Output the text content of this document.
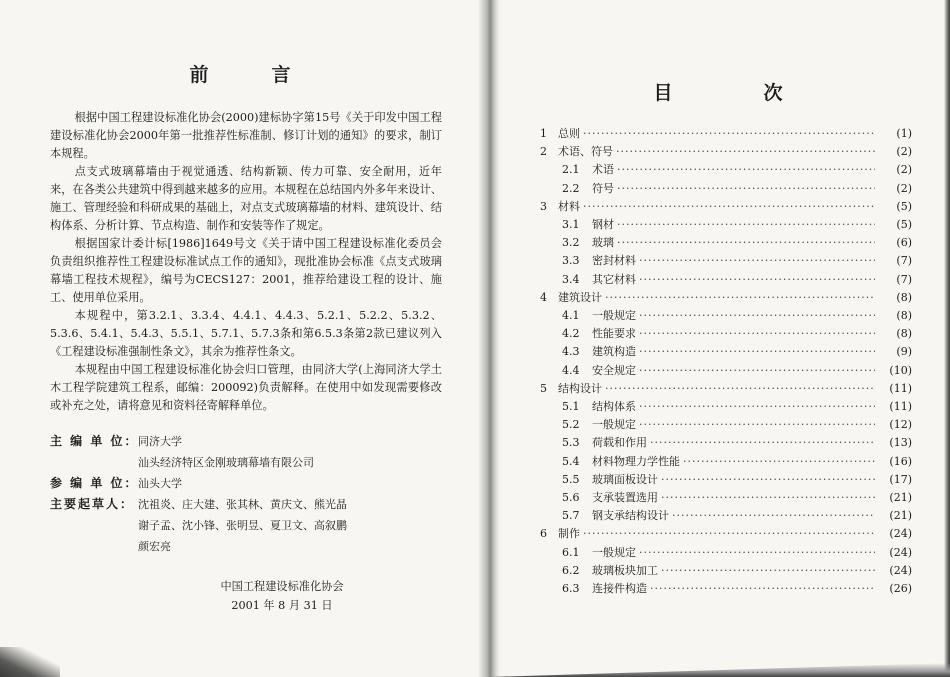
前　言

根据中国工程建设标准化协会(2000)建标协字第15号《关于印发中国工程建设标准化协会2000年第一批推荐性标准制、修订计划的通知》的要求，制订本规程。

点支式玻璃幕墙由于视觉通透、结构新颖、传力可靠、安全耐用，近年来，在各类公共建筑中得到越来越多的应用。本规程在总结国内外多年来设计、施工、管理经验和科研成果的基础上，对点支式玻璃幕墙的材料、建筑设计、结构体系、分析计算、节点构造、制作和安装等作了规定。

根据国家计委计标[1986]1649号文《关于请中国工程建设标准化委员会负责组织推荐性工程建设标准试点工作的通知》，现批准协会标准《点支式玻璃幕墙工程技术规程》，编号为CECS127：2001，推荐给建设工程的设计、施工、使用单位采用。

本规程中，第3.2.1、3.3.4、4.4.1、4.4.3、5.2.1、5.2.2、5.3.2、5.3.6、5.4.1、5.4.3、5.5.1、5.7.1、5.7.3条和第6.5.3条第2款已建议列入《工程建设标准强制性条文》，其余为推荐性条文。

本规程由中国工程建设标准化协会归口管理，由同济大学(上海同济大学土木工程学院建筑工程系，邮编：200092)负责解释。在使用中如发现需要修改或补充之处，请将意见和资料径寄解释单位。

主 编 单 位： 同济大学
汕头经济特区金刚玻璃幕墙有限公司
参 编 单 位： 汕头大学
主要起草人： 沈祖炎、庄大建、张其林、黄庆文、熊光晶
谢子孟、沈小锋、张明昱、夏卫文、高叙鹏
颜宏亮
中国工程建设标准化协会
2001 年 8 月 31 日
目　次
1	总则 ·····	(1)
2	术语、符号 ·····	(2)
2.1	术语 ·····	(2)
2.2	符号 ·····	(2)
3	材料 ·····	(5)
3.1	钢材 ·····	(5)
3.2	玻璃 ·····	(6)
3.3	密封材料 ·····	(7)
3.4	其它材料 ·····	(7)
4	建筑设计 ·····	(8)
4.1	一般规定 ·····	(8)
4.2	性能要求 ·····	(8)
4.3	建筑构造 ·····	(9)
4.4	安全规定 ·····	(10)
5	结构设计 ·····	(11)
5.1	结构体系 ·····	(11)
5.2	一般规定 ·····	(12)
5.3	荷载和作用 ·····	(13)
5.4	材料物理力学性能 ·····	(16)
5.5	玻璃面板设计 ·····	(17)
5.6	支承装置选用 ·····	(21)
5.7	钢支承结构设计 ·····	(21)
6	制作 ·····	(24)
6.1	一般规定 ·····	(24)
6.2	玻璃板块加工 ·····	(24)
6.3	连接件构造 ·····	(26)
